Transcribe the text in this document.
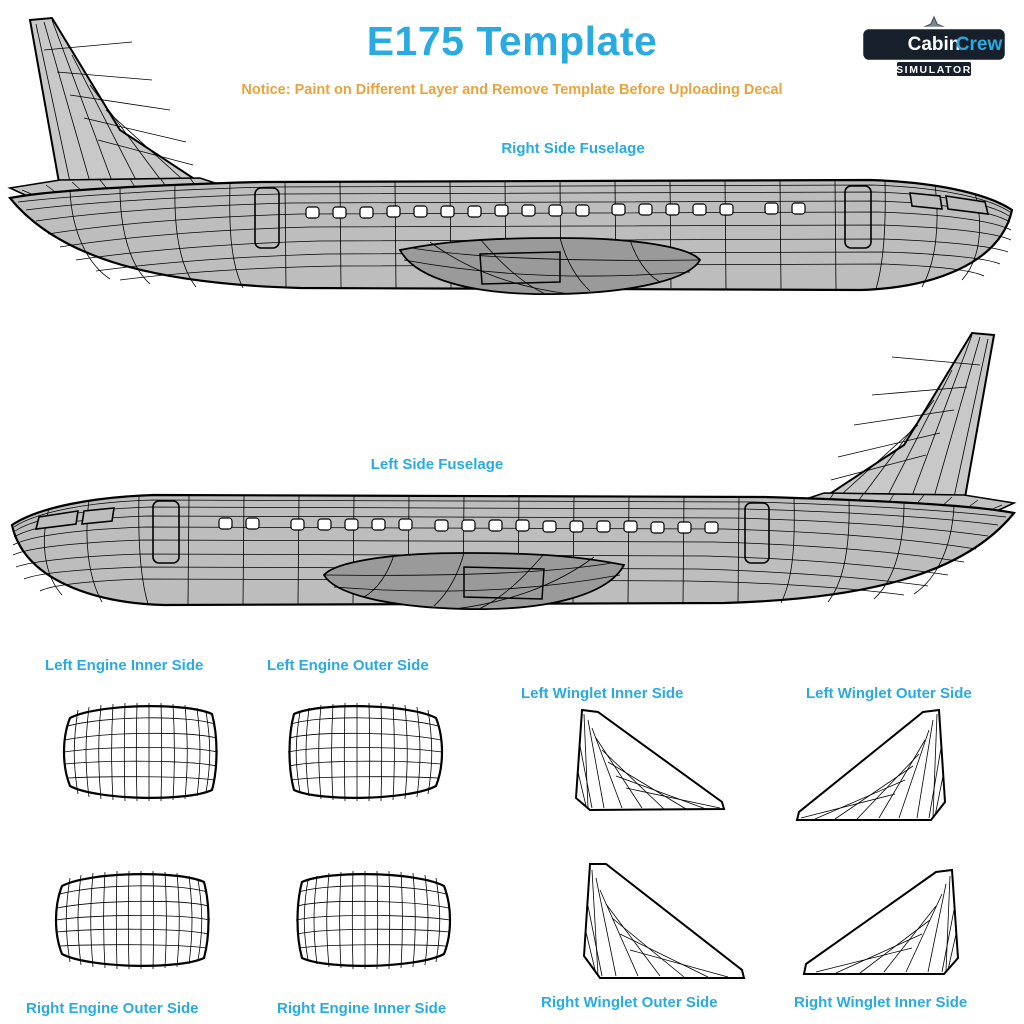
E175 Template
Notice: Paint on Different Layer and Remove Template Before Uploading Decal
Cabin
Crew
SIMULATOR
Right Side Fuselage
Left Side Fuselage
Left Engine Inner Side	Left Engine Outer Side
Right Engine Outer Side	Right Engine Inner Side
Left Winglet Inner Side	Left Winglet Outer Side
Right Winglet Outer Side	Right Winglet Inner Side
